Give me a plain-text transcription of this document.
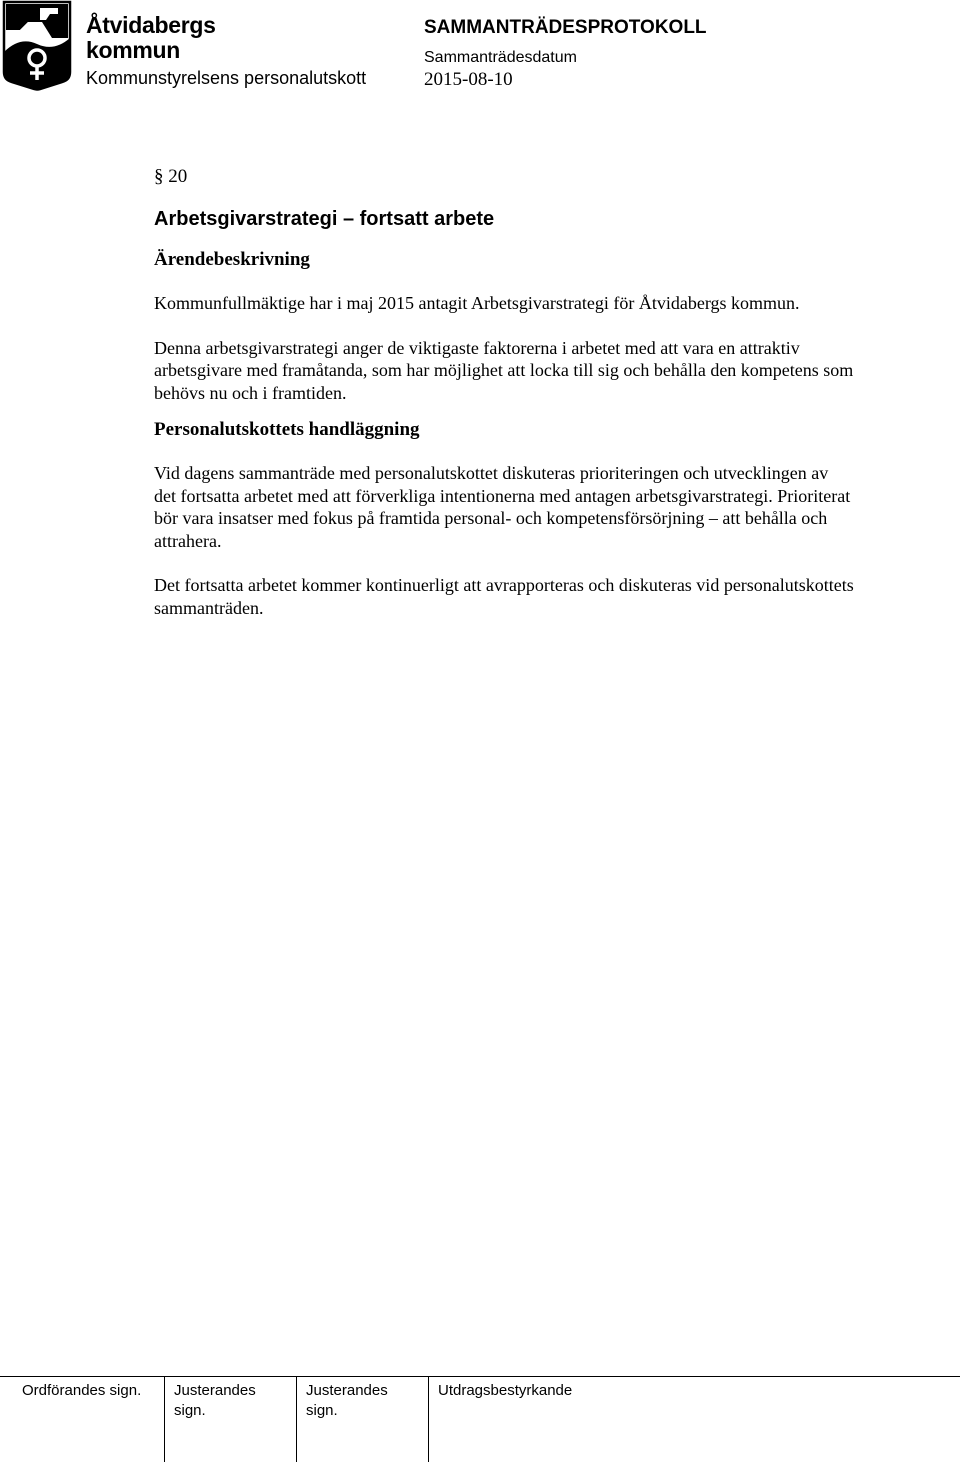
Åtvidabergs
kommun
Kommunstyrelsens personalutskott
SAMMANTRÄDESPROTOKOLL
Sammanträdesdatum
2015-08-10
§ 20
Arbetsgivarstrategi – fortsatt arbete
Ärendebeskrivning

Kommunfullmäktige har i maj 2015 antagit Arbetsgivarstrategi för Åtvidabergs kommun.

Denna arbetsgivarstrategi anger de viktigaste faktorerna i arbetet med att vara en attraktiv arbetsgivare med framåtanda, som har möjlighet att locka till sig och behålla den kompetens som behövs nu och i framtiden.

Personalutskottets handläggning

Vid dagens sammanträde med personalutskottet diskuteras prioriteringen och utvecklingen av det fortsatta arbetet med att förverkliga intentionerna med antagen arbetsgivarstrategi. Prioriterat bör vara insatser med fokus på framtida personal- och kompetensförsörjning – att behålla och attrahera.

Det fortsatta arbetet kommer kontinuerligt att avrapporteras och diskuteras vid personalutskottets sammanträden.

Ordförandes sign. Justerandes
sign.
Justerandes
sign.
Utdragsbestyrkande
